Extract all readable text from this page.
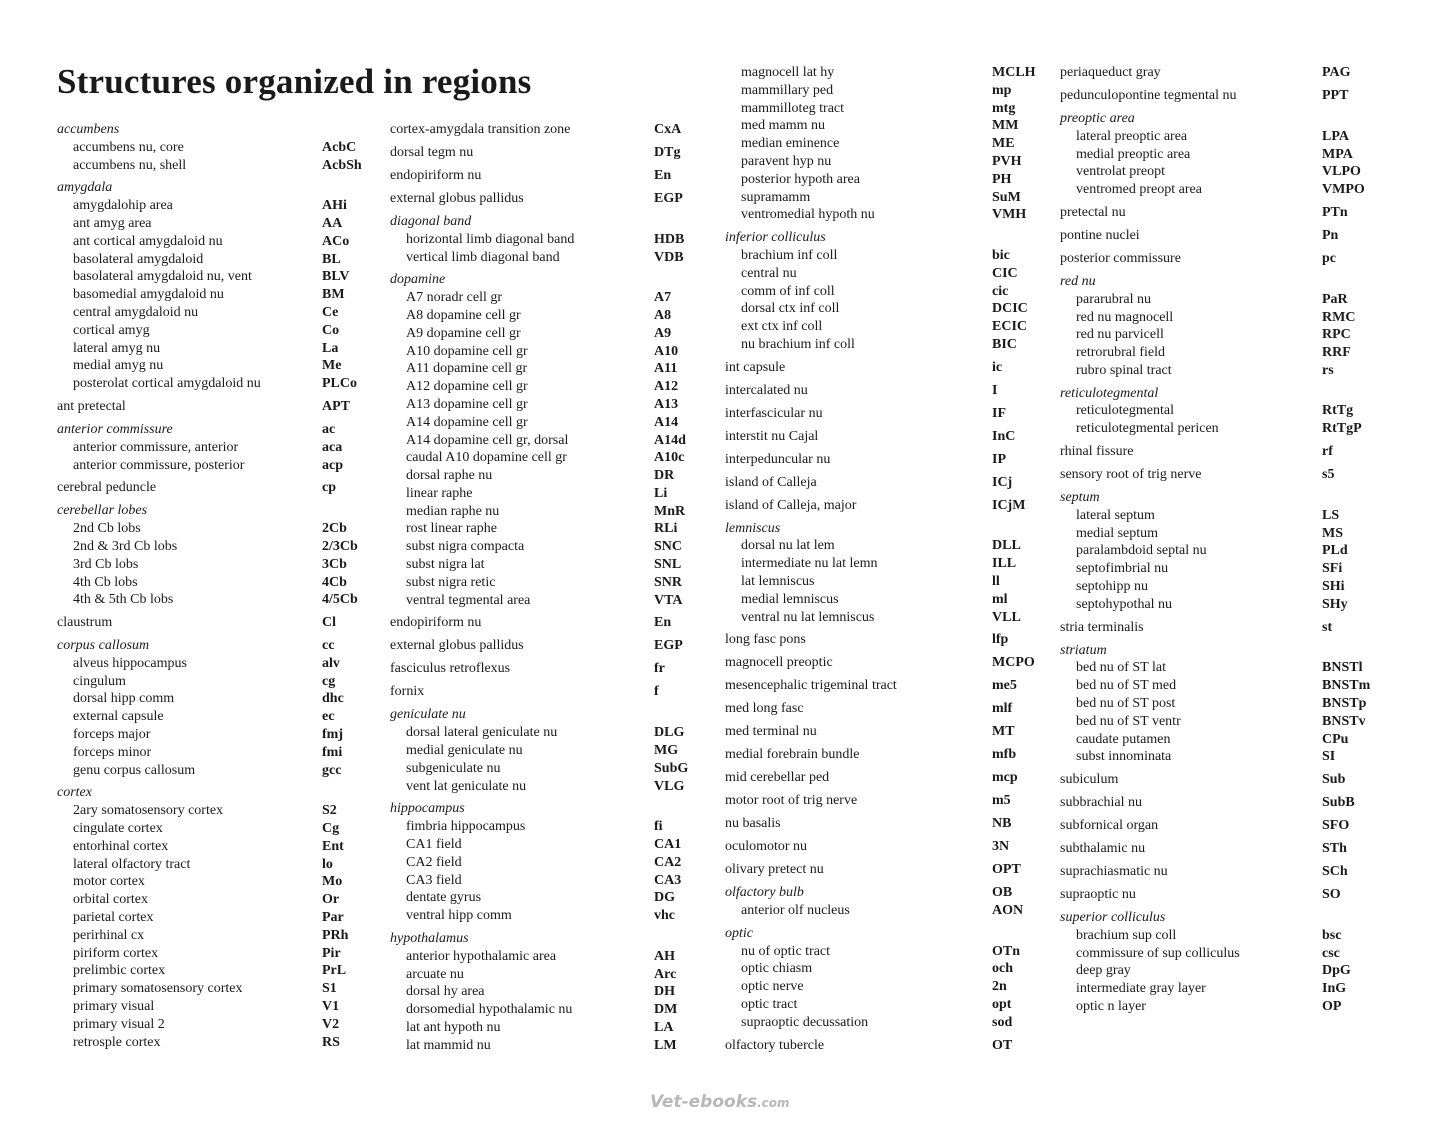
Structures organized in regions
accumbens
accumbens nu, core	AcbC
accumbens nu, shell	AcbSh
amygdala
amygdalohip area	AHi
ant amyg area	AA
ant cortical amygdaloid nu	ACo
basolateral amygdaloid	BL
basolateral amygdaloid nu, vent	BLV
basomedial amygdaloid nu	BM
central amygdaloid nu	Ce
cortical amyg	Co
lateral amyg nu	La
medial amyg nu	Me
posterolat cortical amygdaloid nu	PLCo
ant pretectal	APT
anterior commissure	ac
anterior commissure, anterior	aca
anterior commissure, posterior	acp
cerebral peduncle	cp
cerebellar lobes
2nd Cb lobs	2Cb
2nd & 3rd Cb lobs	2/3Cb
3rd Cb lobs	3Cb
4th Cb lobs	4Cb
4th & 5th Cb lobs	4/5Cb
claustrum	Cl
corpus callosum	cc
alveus hippocampus	alv
cingulum	cg
dorsal hipp comm	dhc
external capsule	ec
forceps major	fmj
forceps minor	fmi
genu corpus callosum	gcc
cortex
2ary somatosensory cortex	S2
cingulate cortex	Cg
entorhinal cortex	Ent
lateral olfactory tract	lo
motor cortex	Mo
orbital cortex	Or
parietal cortex	Par
perirhinal cx	PRh
piriform cortex	Pir
prelimbic cortex	PrL
primary somatosensory cortex	S1
primary visual	V1
primary visual 2	V2
retrosple cortex	RS
cortex-amygdala transition zone	CxA
dorsal tegm nu	DTg
endopiriform nu	En
external globus pallidus	EGP
diagonal band
horizontal limb diagonal band	HDB
vertical limb diagonal band	VDB
dopamine
A7 noradr cell gr	A7
A8 dopamine cell gr	A8
A9 dopamine cell gr	A9
A10 dopamine cell gr	A10
A11 dopamine cell gr	A11
A12 dopamine cell gr	A12
A13 dopamine cell gr	A13
A14 dopamine cell gr	A14
A14 dopamine cell gr, dorsal	A14d
caudal A10 dopamine cell gr	A10c
dorsal raphe nu	DR
linear raphe	Li
median raphe nu	MnR
rost linear raphe	RLi
subst nigra compacta	SNC
subst nigra lat	SNL
subst nigra retic	SNR
ventral tegmental area	VTA
endopiriform nu	En
external globus pallidus	EGP
fasciculus retroflexus	fr
fornix	f
geniculate nu
dorsal lateral geniculate nu	DLG
medial geniculate nu	MG
subgeniculate nu	SubG
vent lat geniculate nu	VLG
hippocampus
fimbria hippocampus	fi
CA1 field	CA1
CA2 field	CA2
CA3 field	CA3
dentate gyrus	DG
ventral hipp comm	vhc
hypothalamus
anterior hypothalamic area	AH
arcuate nu	Arc
dorsal hy area	DH
dorsomedial hypothalamic nu	DM
lat ant hypoth nu	LA
lat mammid nu	LM
magnocell lat hy	MCLH
mammillary ped	mp
mammilloteg tract	mtg
med mamm nu	MM
median eminence	ME
paravent hyp nu	PVH
posterior hypoth area	PH
supramamm	SuM
ventromedial hypoth nu	VMH
inferior colliculus
brachium inf coll	bic
central nu	CIC
comm of inf coll	cic
dorsal ctx inf coll	DCIC
ext ctx inf coll	ECIC
nu brachium inf coll	BIC
int capsule	ic
intercalated nu	I
interfascicular nu	IF
interstit nu Cajal	InC
interpeduncular nu	IP
island of Calleja	ICj
island of Calleja, major	ICjM
lemniscus
dorsal nu lat lem	DLL
intermediate nu lat lemn	ILL
lat lemniscus	ll
medial lemniscus	ml
ventral nu lat lemniscus	VLL
long fasc pons	lfp
magnocell preoptic	MCPO
mesencephalic trigeminal tract	me5
med long fasc	mlf
med terminal nu	MT
medial forebrain bundle	mfb
mid cerebellar ped	mcp
motor root of trig nerve	m5
nu basalis	NB
oculomotor nu	3N
olivary pretect nu	OPT
olfactory bulb	OB
anterior olf nucleus	AON
optic
nu of optic tract	OTn
optic chiasm	och
optic nerve	2n
optic tract	opt
supraoptic decussation	sod
olfactory tubercle	OT
periaqueduct gray	PAG
pedunculopontine tegmental nu	PPT
preoptic area
lateral preoptic area	LPA
medial preoptic area	MPA
ventrolat preopt	VLPO
ventromed preopt area	VMPO
pretectal nu	PTn
pontine nuclei	Pn
posterior commissure	pc
red nu
pararubral nu	PaR
red nu magnocell	RMC
red nu parvicell	RPC
retrorubral field	RRF
rubro spinal tract	rs
reticulotegmental
reticulotegmental	RtTg
reticulotegmental pericen	RtTgP
rhinal fissure	rf
sensory root of trig nerve	s5
septum
lateral septum	LS
medial septum	MS
paralambdoid septal nu	PLd
septofimbrial nu	SFi
septohipp nu	SHi
septohypothal nu	SHy
stria terminalis	st
striatum
bed nu of ST lat	BNSTl
bed nu of ST med	BNSTm
bed nu of ST post	BNSTp
bed nu of ST ventr	BNSTv
caudate putamen	CPu
subst innominata	SI
subiculum	Sub
subbrachial nu	SubB
subfornical organ	SFO
subthalamic nu	STh
suprachiasmatic nu	SCh
supraoptic nu	SO
superior colliculus
brachium sup coll	bsc
commissure of sup colliculus	csc
deep gray	DpG
intermediate gray layer	InG
optic n layer	OP
Vet-ebooks.com
